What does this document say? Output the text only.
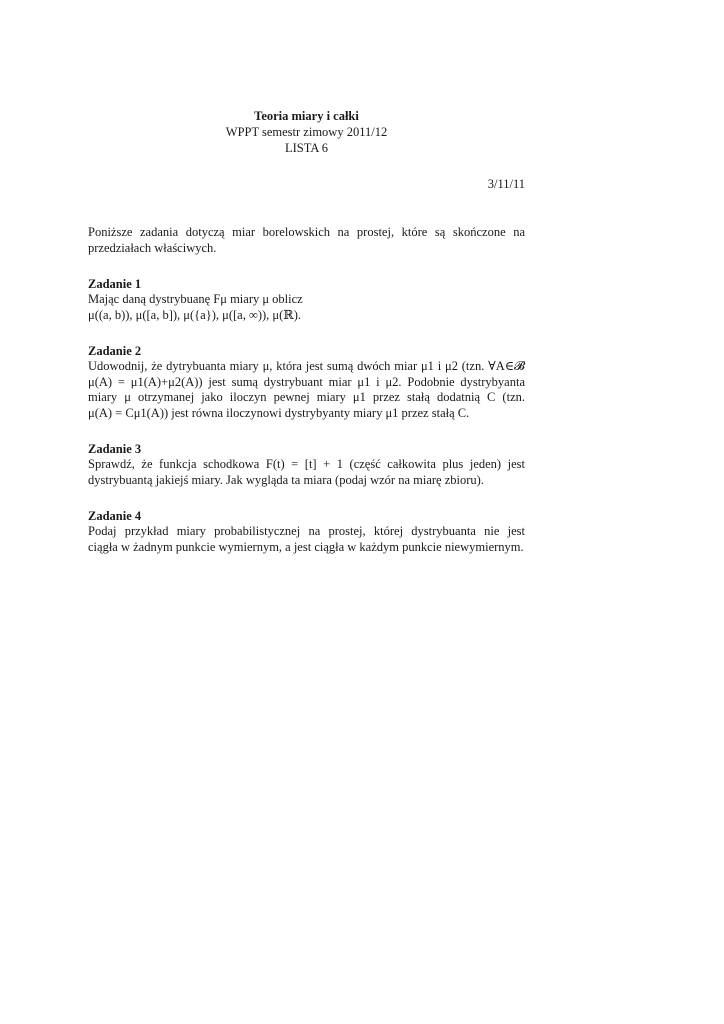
Teoria miary i całki
WPPT semestr zimowy 2011/12
LISTA 6
3/11/11
Poniższe zadania dotyczą miar borelowskich na prostej, które są skończone na przedziałach właściwych.
Zadanie 1
Mając daną dystrybuanę Fμ miary μ oblicz
μ((a, b)), μ([a, b]), μ({a}), μ([a, ∞)), μ(ℝ).
Zadanie 2
Udowodnij, że dytrybuanta miary μ, która jest sumą dwóch miar μ1 i μ2 (tzn. ∀A∈𝓑
μ(A) = μ1(A)+μ2(A)) jest sumą dystrybuant miar μ1 i μ2. Podobnie dystrybyanta
miary μ otrzymanej jako iloczyn pewnej miary μ1 przez stałą dodatnią C (tzn.
μ(A) = Cμ1(A)) jest równa iloczynowi dystrybyanty miary μ1 przez stałą C.
Zadanie 3
Sprawdź, że funkcja schodkowa F(t) = [t] + 1 (część całkowita plus jeden) jest
dystrybuantą jakiejś miary. Jak wygląda ta miara (podaj wzór na miarę zbioru).
Zadanie 4
Podaj przykład miary probabilistycznej na prostej, której dystrybuanta nie jest
ciągła w żadnym punkcie wymiernym, a jest ciągła w każdym punkcie niewymiernym.
